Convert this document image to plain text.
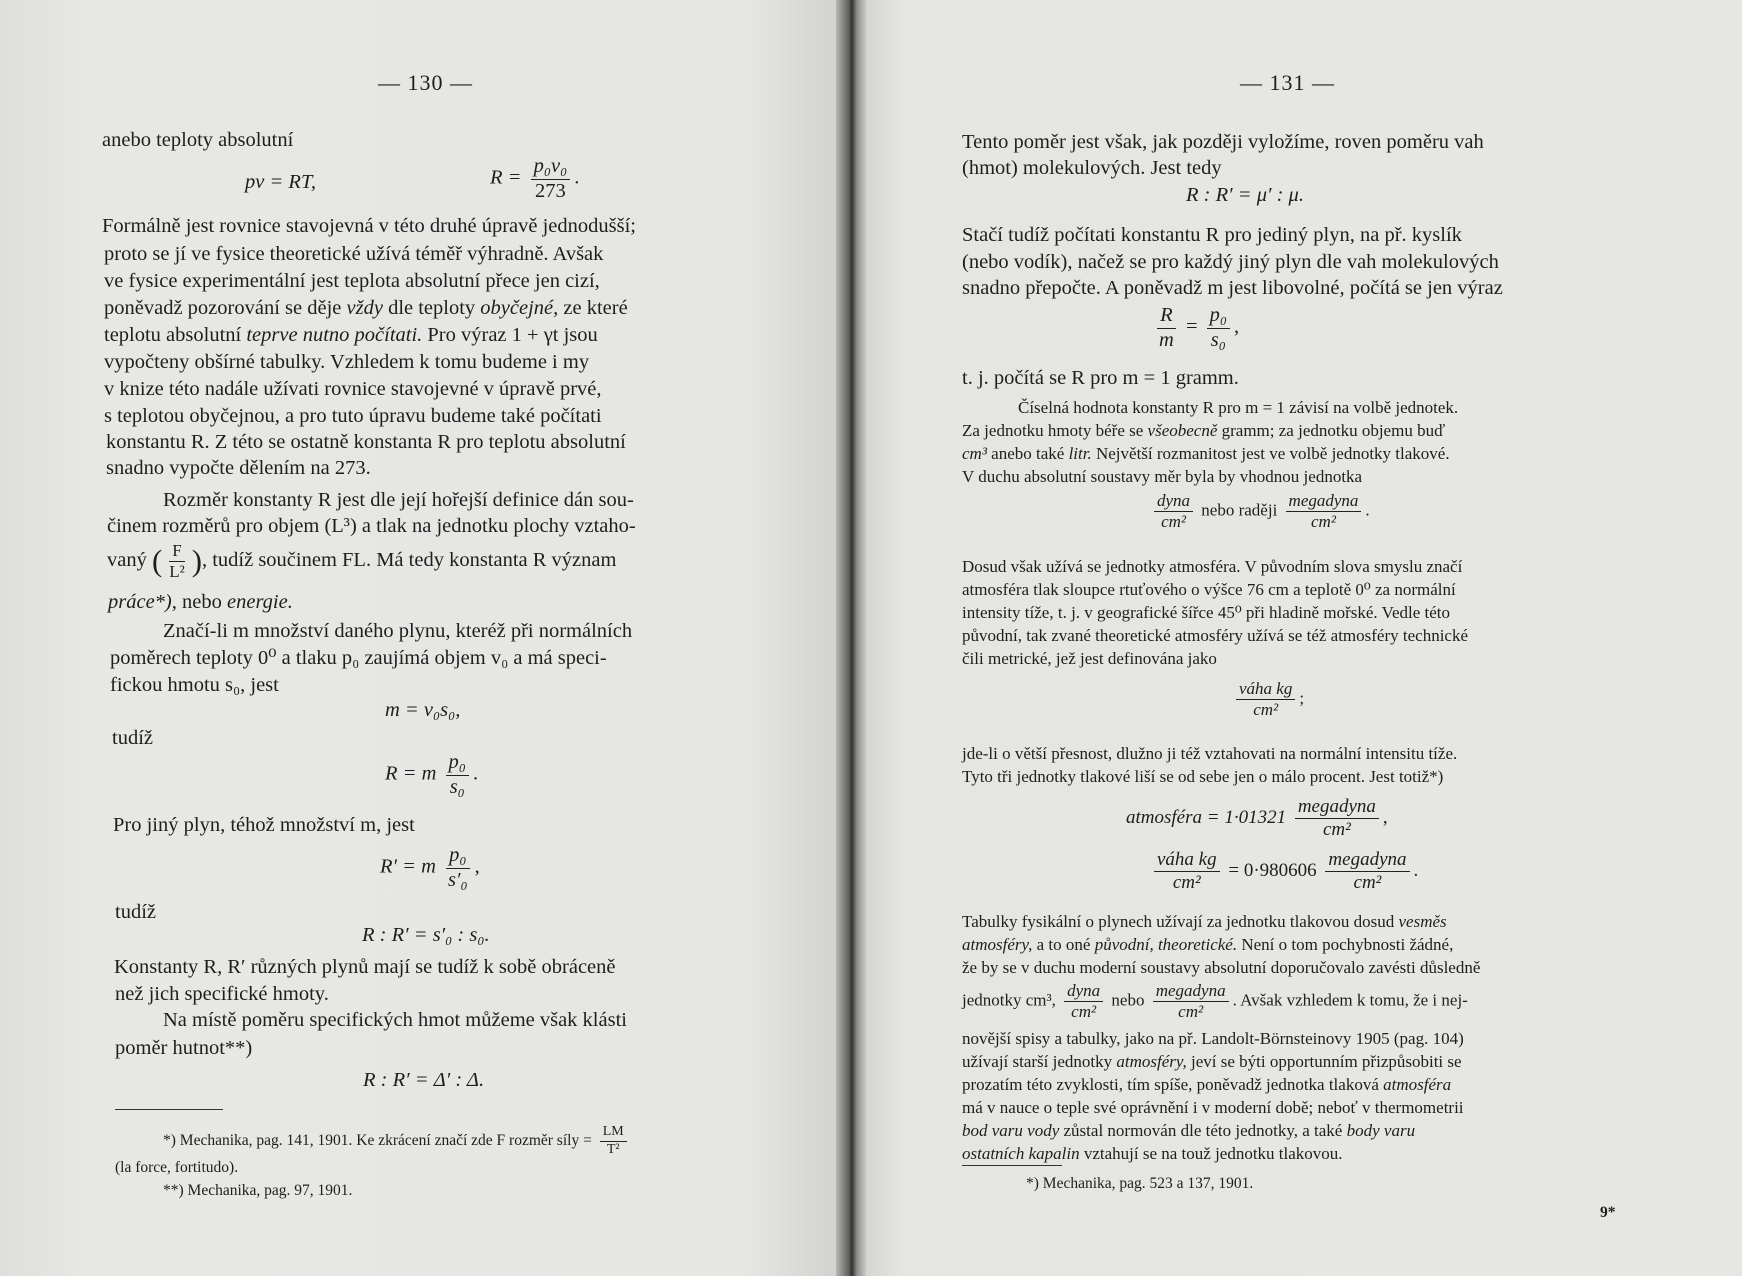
— 130 —
anebo teploty absolutní
pv = RT,	$R = \frac{\text{p₀v₀}}{273}$ .
Formálně jest rovnice stavojevná v této druhé úpravě jednodušší;
proto se jí ve fysice theoretické užívá téměř výhradně. Avšak
ve fysice experimentální jest teplota absolutní přece jen cizí,
poněvadž pozorování se děje vždy dle teploty obyčejné, ze které
teplotu absolutní teprve nutno počítati. Pro výraz 1 + γt jsou
vypočteny obšírné tabulky. Vzhledem k tomu budeme i my
v knize této nadále užívati rovnice stavojevné v úpravě prvé,
s teplotou obyčejnou, a pro tuto úpravu budeme také počítati
konstantu R. Z této se ostatně konstanta R pro teplotu absolutní
snadno vypočte dělením na 273.
Rozměr konstanty R jest dle její hořejší definice dán sou-
činem rozměrů pro objem (L³) a tlak na jednotku plochy vztaho-
vaný ( $\frac{F}{\text{L²}}$ ), tudíž součinem FL. Má tedy konstanta R význam
práce*), nebo energie.
Značí-li m množství daného plynu, kteréž při normálních
poměrech teploty 0⁰ a tlaku p₀ zaujímá objem v₀ a má speci-
fickou hmotu s₀, jest
m = v₀s₀,
tudíž
R = m $\frac{\text{p₀}}{\text{s₀}}$ .
Pro jiný plyn, téhož množství m, jest
R′ = m $\frac{\text{p₀}}{\text{s′₀}}$ ,
tudíž
R : R′ = s′₀ : s₀.
Konstanty R, R′ různých plynů mají se tudíž k sobě obráceně
než jich specifické hmoty.
Na místě poměru specifických hmot můžeme však klásti
poměr hutnot**)
R : R′ = Δ′ : Δ.
*) Mechanika, pag. 141, 1901. Ke zkrácení značí zde F rozměr síly = $\frac{LM}{\text{T²}}$
(la force, fortitudo).
**) Mechanika, pag. 97, 1901.
— 131 —
Tento poměr jest však, jak později vyložíme, roven poměru vah
(hmot) molekulových. Jest tedy
R : R′ = μ′ : μ.
Stačí tudíž počítati konstantu R pro jediný plyn, na př. kyslík
(nebo vodík), načež se pro každý jiný plyn dle vah molekulových
snadno přepočte. A poněvadž m jest libovolné, počítá se jen výraz
$\frac{R}{m} = \frac{\text{p₀}}{\text{s₀}}$ ,
t. j. počítá se R pro m = 1 gramm.
Číselná hodnota konstanty R pro m = 1 závisí na volbě jednotek.
Za jednotku hmoty béře se všeobecně gramm; za jednotku objemu buď
cm³ anebo také litr. Největší rozmanitost jest ve volbě jednotky tlakové.
V duchu absolutní soustavy měr byla by vhodnou jednotka
$\frac{\text{dyna}}{\text{cm²}}$ nebo raději $\frac{\text{megadyna}}{\text{cm²}}$ .
Dosud však užívá se jednotky atmosféra. V původním slova smyslu značí
atmosféra tlak sloupce rtuťového o výšce 76 cm a teplotě 0⁰ za normální
intensity tíže, t. j. v geografické šířce 45⁰ při hladině mořské. Vedle této
původní, tak zvané theoretické atmosféry užívá se též atmosféry technické
čili metrické, jež jest definována jako
$\frac{\text{váha kg}}{\text{cm²}}$ ;
jde-li o větší přesnost, dlužno ji též vztahovati na normální intensitu tíže.
Tyto tři jednotky tlakové liší se od sebe jen o málo procent. Jest totiž*)
atmosféra = $1\cdot 01321 \frac{\text{megadyna}}{\text{cm²}}$ ,
$\frac{\text{váha kg}}{\text{cm²}} = 0\cdot 980606 \frac{\text{megadyna}}{\text{cm²}}$ .
Tabulky fysikální o plynech užívají za jednotku tlakovou dosud vesměs
atmosféry, a to oné původní, theoretické. Není o tom pochybnosti žádné,
že by se v duchu moderní soustavy absolutní doporučovalo zavésti důsledně
jednotky cm³, $\frac{\text{dyna}}{\text{cm²}}$ nebo $\frac{\text{megadyna}}{\text{cm²}}$ . Avšak vzhledem k tomu, že i nej-
novější spisy a tabulky, jako na př. Landolt-Börnsteinovy 1905 (pag. 104)
užívají starší jednotky atmosféry, jeví se býti opportunním přizpůsobiti se
prozatím této zvyklosti, tím spíše, poněvadž jednotka tlaková atmosféra
má v nauce o teple své oprávnění i v moderní době; neboť v thermometrii
bod varu vody zůstal normován dle této jednotky, a také body varu
ostatních kapalin vztahují se na touž jednotku tlakovou.
*) Mechanika, pag. 523 a 137, 1901.
9*
